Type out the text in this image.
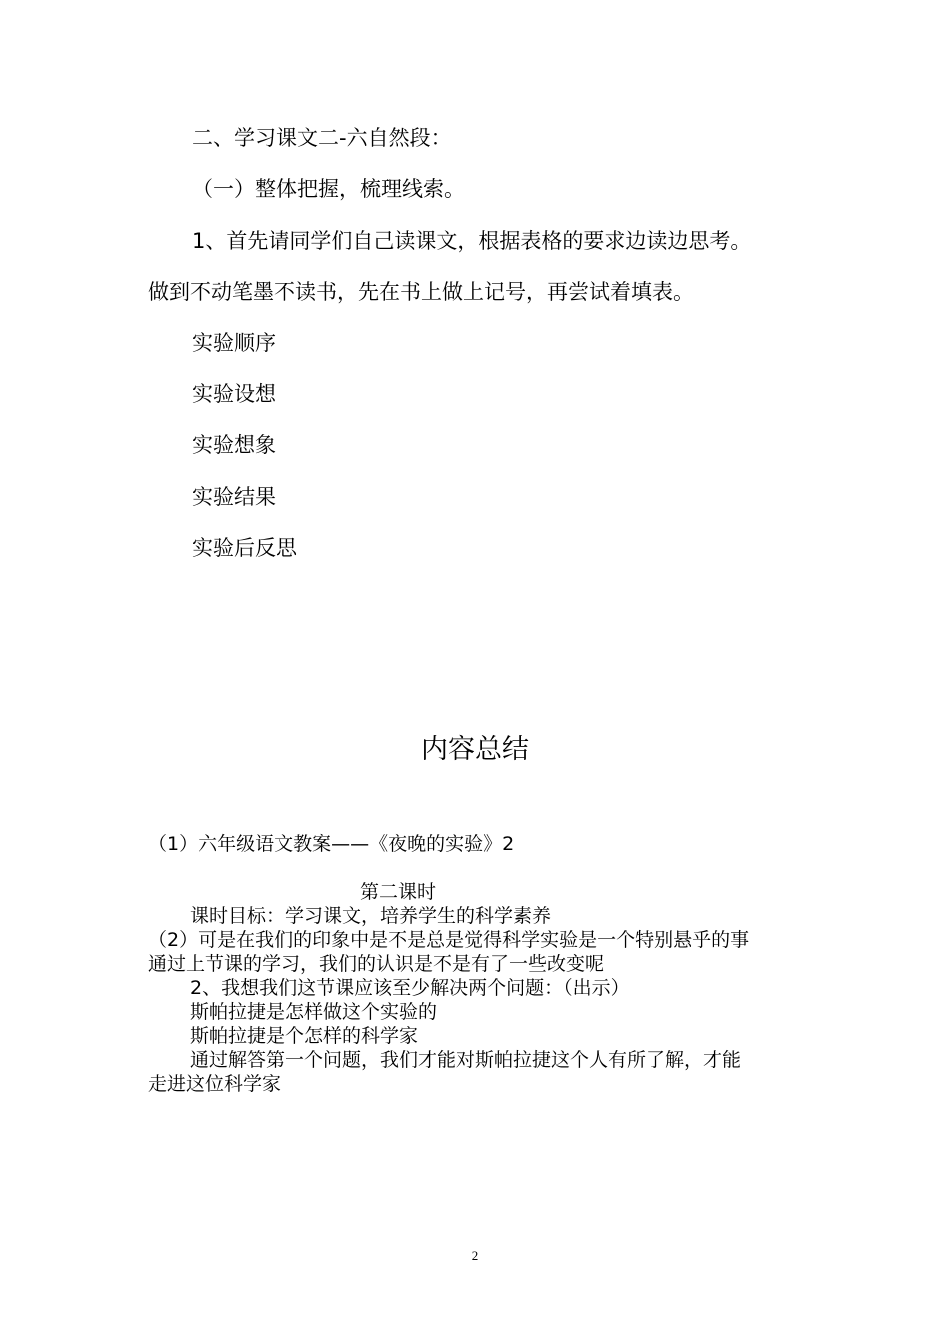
二、学习课文二-六自然段：
（一）整体把握，梳理线索。
1、首先请同学们自己读课文，根据表格的要求边读边思考。
做到不动笔墨不读书，先在书上做上记号，再尝试着填表。
实验顺序
实验设想
实验想象
实验结果
实验后反思
内容总结
（1）六年级语文教案——《夜晚的实验》2
第二课时
课时目标：学习课文，培养学生的科学素养
（2）可是在我们的印象中是不是总是觉得科学实验是一个特别悬乎的事
通过上节课的学习，我们的认识是不是有了一些改变呢
2、我想我们这节课应该至少解决两个问题：（出示）
斯帕拉捷是怎样做这个实验的
斯帕拉捷是个怎样的科学家
通过解答第一个问题，我们才能对斯帕拉捷这个人有所了解，才能
走进这位科学家
2
